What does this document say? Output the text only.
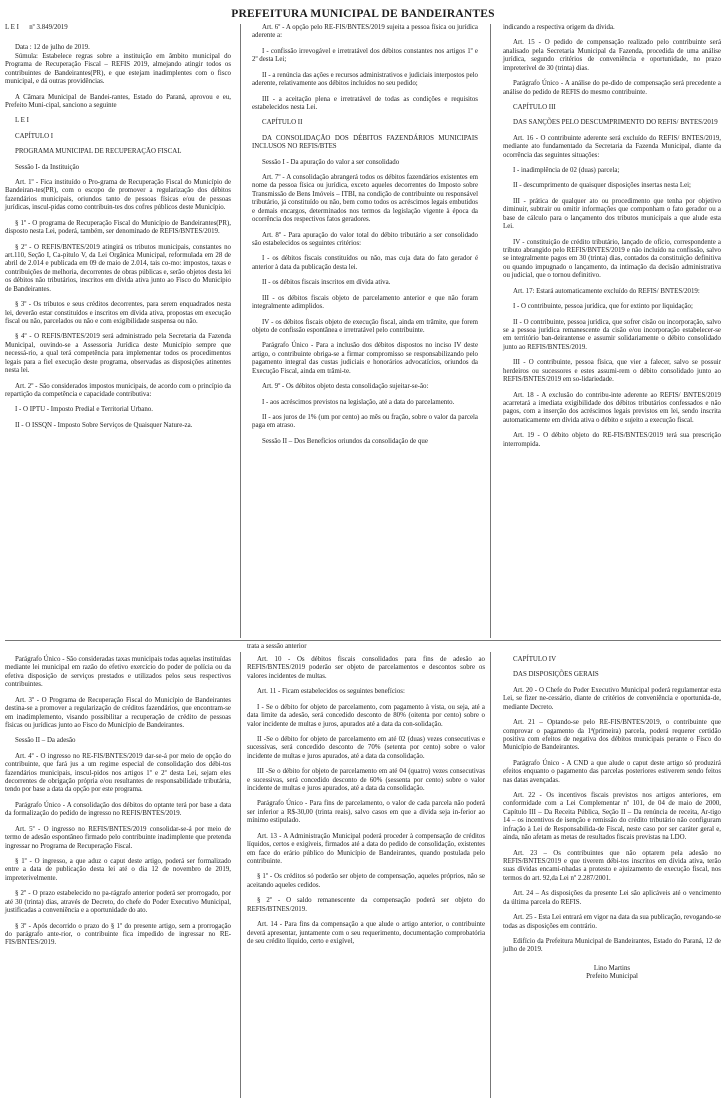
PREFEITURA MUNICIPAL DE BANDEIRANTES

L E I      nº 3.849/2019

Data : 12 de julho de 2019.

Súmula: Estabelece regras sobre a instituição em âmbito municipal do Programa de Recuperação Fiscal – REFIS 2019, almejando atingir todos os contribuintes de Bandeirantes(PR), e que estejam inadimplentes com o fisco municipal, e dá outras providências.

A Câmara Municipal de Bandei-rantes, Estado do Paraná, aprovou e eu, Prefeito Muni-cipal, sanciono a seguinte

L E I

CAPÍTULO I

PROGRAMA MUNICIPAL DE RECUPERAÇÃO FISCAL

Sessão I- da Instituição

Art. 1º - Fica instituído o Pro-grama de Recuperação Fiscal do Município de Bandeiran-tes(PR), com o escopo de promover a regularização dos débitos fazendários municipais, oriundos tanto de pessoas físicas e/ou de pessoas jurídicas, inscul-pidas como contribuin-tes dos cofres públicos deste Município.

§ 1º - O programa de Recuperação Fiscal do Município de Bandeirantes(PR), disposto nesta Lei, poderá, também, ser denominado de REFIS/BNTES/2019.

§ 2º - O REFIS/BNTES/2019 atingirá os tributos municipais, constantes no art.110, Seção I, Ca-pítulo V, da Lei Orgânica Municipal, reformulada em 28 de abril de 2.014 e publicada em 09 de maio de 2.014, tais co-mo: impostos, taxas e contribuições de melhoria, decorrentes de obras públicas e, serão objetos desta lei os débitos não tributários, inscritos em dívida ativa junto ao Fisco do Município de Bandeirantes.

§ 3º - Os tributos e seus créditos decorrentes, para serem enquadrados nesta lei, deverão estar constituídos e inscritos em dívida ativa, propostas em execução fiscal ou não, parcelados ou não e com exigibilidade suspensa ou não.

§ 4º - O REFIS/BNTES/2019 será administrado pela Secretaria da Fazenda Municipal, ouvindo-se a Assessoria Jurídica deste Município sempre que necessá-rio, a qual terá competência para implementar todos os procedimentos legais para a fiel execução deste programa, observadas as disposições atinentes nesta lei.

Art. 2º - São considerados impostos municipais, de acordo com o princípio da repartição da competência e capacidade contributiva:

I - O IPTU - Imposto Predial e Territorial Urbano.

II - O ISSQN - Imposto Sobre Serviços de Quaisquer Nature-za.

Art. 6º - A opção pelo RE-FIS/BNTES/2019 sujeita a pessoa física ou jurídica aderente a:

I - confissão irrevogável e irretratável dos débitos constantes nos artigos 1º e 2º desta Lei;

II - a renúncia das ações e recursos administrativos e judiciais interpostos pelo aderente, relativamente aos débitos incluídos no seu pedido;

III - a aceitação plena e irretratável de todas as condições e requisitos estabelecidos nesta Lei.

CAPÍTULO II

DA CONSOLIDAÇÃO DOS DÉBITOS FAZENDÁRIOS MUNICIPAIS INCLUSOS NO REFIS/BTES

Sessão I - Da apuração do valor a ser consolidado

Art. 7º - A consolidação abrangerá todos os débitos fazendários existentes em nome da pessoa física ou jurídica, exceto aqueles decorrentes do Imposto sobre Transmissão de Bens Imóveis – ITBI, na condição de contribuinte ou responsável tributário, já constituído ou não, bem como todos os acréscimos legais embutidos e demais encargos, determinados nos termos da legislação vigente à época da ocorrência dos respectivos fatos geradores.

Art. 8º - Para apuração do valor total do débito tributário a ser consolidado são estabelecidos os seguintes critérios:

I - os débitos fiscais constituídos ou não, mas cuja data do fato gerador é anterior à data da publicação desta lei.

II - os débitos fiscais inscritos em dívida ativa.

III - os débitos fiscais objeto de parcelamento anterior e que não foram integralmente adimplidos.

IV - os débitos fiscais objeto de execução fiscal, ainda em trâmite, que forem objeto de confissão espontânea e irretratável pelo contribuinte.

Parágrafo Único - Para a inclusão dos débitos dispostos no inciso IV deste artigo, o contribuinte obriga-se a firmar compromisso se responsabilizando pelo pagamento integral das custas judiciais e honorários advocatícios, oriundos da Execução Fiscal, ainda em trâmi-te.

Art. 9º - Os débitos objeto desta consolidação sujeitar-se-ão:

I - aos acréscimos previstos na legislação, até a data do parcelamento.

II - aos juros de 1% (um por cento) ao mês ou fração, sobre o valor da parcela paga em atraso.

Sessão II – Dos Benefícios oriundos da consolidação de que

indicando a respectiva origem da dívida.

Art. 15 - O pedido de compensação realizado pelo contribuinte será analisado pela Secretaria Municipal da Fazenda, procedida de uma análise jurídica, segundo critérios de conveniência e oportunidade, no prazo impreterível de 30 (trinta) dias.

Parágrafo Único - A análise do pe-dido de compensação será precedente a análise do pedido de REFIS do mesmo contribuinte.

CAPÍTULO III

DAS SANÇÕES PELO DESCUMPRIMENTO DO REFIS/ BNTES/2019

Art. 16 - O contribuinte aderente será excluído do REFIS/ BNTES/2019, mediante ato fundamentado da Secretaria da Fazenda Municipal, diante da ocorrência das seguintes situações:

I - inadimplência de 02 (duas) parcela;

II - descumprimento de quaisquer disposições insertas nesta Lei;

III - prática de qualquer ato ou procedimento que tenha por objetivo diminuir, subtrair ou omitir informações que componham o fato gerador ou a base de cálculo para o lançamento dos tributos municipais a que alude esta Lei.

IV - constituição de crédito tributário, lançado de ofício, correspondente a tributo abrangido pelo REFIS/BNTES/2019 e não incluído na confissão, salvo se integralmente pagos em 30 (trinta) dias, contados da constituição definitiva ou quando impugnado o lançamento, da intimação da decisão administrativa ou judicial, que o tornou definitivo.

Art. 17: Estará automaticamente excluído do REFIS/ BNTES/2019:

I - O contribuinte, pessoa jurídica, que for extinto por liquidação;

II - O contribuinte, pessoa jurídica, que sofrer cisão ou incorporação, salvo se a pessoa jurídica remanescente da cisão e/ou incorporação estabelecer-se em território ban-deirantense e assumir solidariamente o débito consolidado junto ao REFIS/BNTES/2019.

III - O contribuinte, pessoa física, que vier a falecer, salvo se possuir herdeiros ou sucessores e estes assumi-rem o débito consolidado junto ao REFIS/BNTES/2019 em so-lidariedade.

Art. 18 - A exclusão do contribu-inte aderente ao REFIS/ BNTES/2019 acarretará a imediata exigibilidade dos débitos tributários confessados e não pagos, com a inserção dos acréscimos legais previstos em lei, sendo inscrita automaticamente em dívida ativa o débito e sujeito a execução fiscal.

Art. 19 - O débito objeto do RE-FIS/BNTES/2019 terá sua prescrição interrompida.

trata a sessão anterior

Parágrafo Único - São consideradas taxas municipais todas aquelas instituídas mediante lei municipal em razão do efetivo exercício do poder de polícia ou da efetiva disposição de serviços prestados e utilizados pelos seus respectivos contribuintes.

Art. 3º - O Programa de Recuperação Fiscal do Município de Bandeirantes destina-se a promover a regularização de créditos fazendários, que encontram-se em inadimplemento, visando possibilitar a recuperação de crédito de pessoas físicas ou jurídicas junto ao Fisco do Município de Bandeirantes.

Sessão II – Da adesão

Art. 4º - O ingresso no RE-FIS/BNTES/2019 dar-se-á por meio de opção do contribuinte, que fará jus a um regime especial de consolidação dos débi-tos fazendários municipais, inscul-pidos nos artigos 1º e 2º desta Lei, sejam eles decorrentes de obrigação própria e/ou resultantes de responsabilidade tributária, tendo por base a data da opção por este programa.

Parágrafo Único - A consolidação dos débitos do optante terá por base a data da formalização do pedido de ingresso no REFIS/BNTES/2019.

Art. 5º - O ingresso no REFIS/BNTES/2019 consolidar-se-á por meio de termo de adesão espontâneo firmado pelo contribuinte inadimplente que pretenda ingressar no Programa de Recuperação Fiscal.

§ 1º - O ingresso, a que aduz o caput deste artigo, poderá ser formalizado entre a data de publicação desta lei até o dia 12 de novembro de 2019, impreterivelmente.

§ 2º - O prazo estabelecido no pa-rágrafo anterior poderá ser prorrogado, por até 30 (trinta) dias, através de Decreto, do chefe do Poder Executivo Municipal, justificadas a conveniência e a oportunidade do ato.

§ 3º - Após decorrido o prazo do § 1º do presente artigo, sem a prorrogação do parágrafo ante-rior, o contribuinte fica impedido de ingressar no RE-FIS/BNTES/2019.

Art. 10 - Os débitos fiscais consolidados para fins de adesão ao REFIS/BNTES/2019 poderão ser objeto de parcelamentos e descontos sobre os valores incidentes de multas.

Art. 11 - Ficam estabelecidos os seguintes benefícios:

I - Se o débito for objeto de parcelamento, com pagamento à vista, ou seja, até a data limite da adesão, será concedido desconto de 80% (oitenta por cento) sobre o valor incidente de multas e juros, apurados até a data da con-solidação.

II -Se o débito for objeto de parcelamento em até 02 (duas) vezes consecutivas e sucessivas, será concedido desconto de 70% (setenta por cento) sobre o valor incidente de multas e juros apurados, até a data da consolidação.

III -Se o débito for objeto de parcelamento em até 04 (quatro) vezes consecutivas e sucessivas, será concedido desconto de 60% (sessenta por cento) sobre o valor incidente de multas e juros apurados, até a data da consolidação.

Parágrafo Único - Para fins de parcelamento, o valor de cada parcela não poderá ser inferior a R$-30,00 (trinta reais), salvo casos em que a dívida seja in-ferior ao mínimo estipulado.

Art. 13 - A Administração Municipal poderá proceder à compensação de créditos líquidos, certos e exigíveis, firmados até a data do pedido de consolidação, existentes em face do erário público do Município de Bandeirantes, quando postulada pelo contribuinte.

§ 1º - Os créditos só poderão ser objeto de compensação, aqueles próprios, não se aceitando aqueles cedidos.

§ 2º - O saldo remanescente da compensação poderá ser objeto do REFIS/BTNES/2019.

Art. 14 - Para fins da compensação a que alude o artigo anterior, o contribuinte deverá apresentar, juntamente com o seu requerimento, documentação comprobatória de seu crédito líquido, certo e exigível,

CAPÍTULO IV

DAS DISPOSIÇÕES GERAIS

Art. 20 - O Chefe do Poder Executivo Municipal poderá regulamentar esta Lei, se fizer ne-cessário, diante de critérios de conveniência e oportunida-de, mediante Decreto.

Art. 21 – Optando-se pelo RE-FIS/BNTES/2019, o contribuinte que comprovar o pagamento da 1ª(primeira) parcela, poderá requerer certidão positiva com efeitos de negativa dos débitos municipais perante o Fisco do Município de Bandeirantes.

Parágrafo Único - A CND a que alude o caput deste artigo só produzirá efeitos enquanto o pagamento das parcelas posteriores estiverem sendo feitos nas datas avençadas.

Art. 22 - Os incentivos fiscais previstos nos artigos anteriores, em conformidade com a Lei Complementar nº 101, de 04 de maio de 2000, Capítulo III – Da Receita Pública, Seção II – Da renúncia de receita, Ar-tigo 14 – os incentivos de isenção e remissão do crédito tributário não configuram infração à Lei de Responsabilida-de Fiscal, neste caso por ser caráter geral e, ainda, não afetam as metas de resultados fiscais previstas na LDO.

Art. 23 – Os contribuintes que não optarem pela adesão no REFIS/BNTES/2019 e que tiverem débi-tos inscritos em dívida ativa, terão suas dívidas encami-nhadas a protesto e ajuizamento de execução fiscal, nos termos do art. 92,da Lei nº 2.287/2001.

Art. 24 – As disposições da presente Lei são aplicáveis até o vencimento da última parcela do REFIS.

Art. 25 - Esta Lei entrará em vigor na data da sua publicação, revogando-se todas as disposições em contrário.

Edifício da Prefeitura Municipal de Bandeirantes, Estado do Paraná, 12 de julho de 2019.

Lino Martins

Prefeito Municipal
